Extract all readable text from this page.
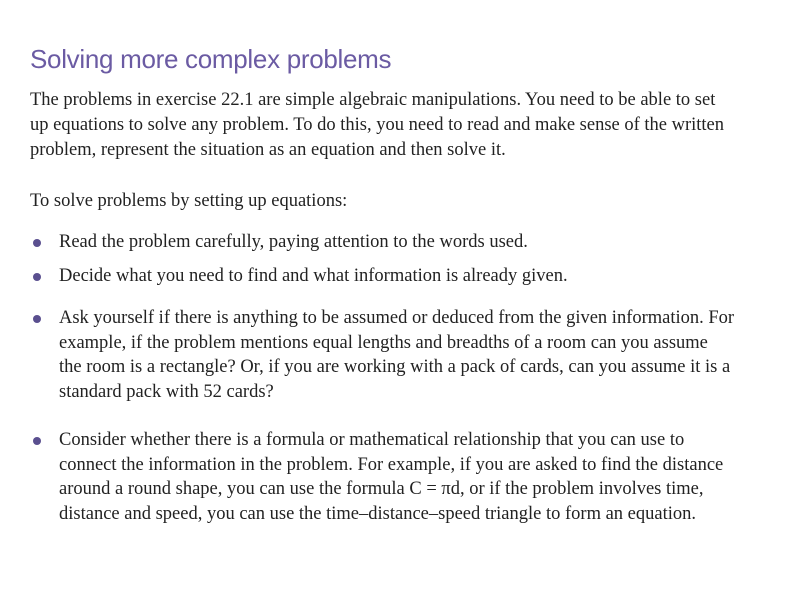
Solving more complex problems
The problems in exercise 22.1 are simple algebraic manipulations. You need to be able to set
up equations to solve any problem. To do this, you need to read and make sense of the written
problem, represent the situation as an equation and then solve it.
To solve problems by setting up equations:
Read the problem carefully, paying attention to the words used.
Decide what you need to find and what information is already given.
Ask yourself if there is anything to be assumed or deduced from the given information. For
example, if the problem mentions equal lengths and breadths of a room can you assume
the room is a rectangle? Or, if you are working with a pack of cards, can you assume it is a
standard pack with 52 cards?
Consider whether there is a formula or mathematical relationship that you can use to
connect the information in the problem. For example, if you are asked to find the distance
around a round shape, you can use the formula C = πd, or if the problem involves time,
distance and speed, you can use the time–distance–speed triangle to form an equation.
